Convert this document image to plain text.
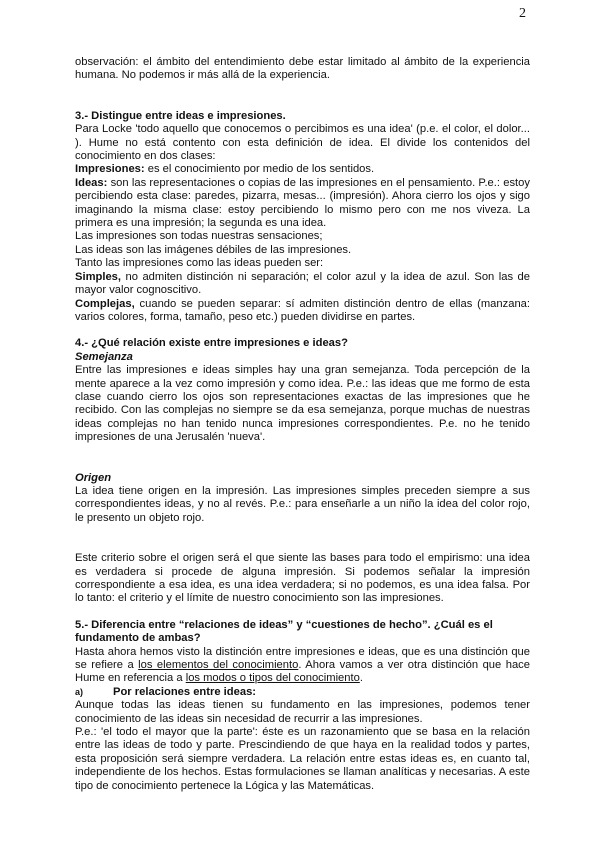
2

observación: el ámbito del entendimiento debe estar limitado al ámbito de la experiencia humana. No podemos ir más allá de la experiencia.

3.- Distingue entre ideas e impresiones.

Para Locke 'todo aquello que conocemos o percibimos es una idea' (p.e. el color, el dolor... ). Hume no está contento con esta definición de idea. El divide los contenidos del conocimiento en dos clases:

Impresiones: es el conocimiento por medio de los sentidos.

Ideas: son las representaciones o copias de las impresiones en el pensamiento. P.e.: estoy percibiendo esta clase: paredes, pizarra, mesas... (impresión). Ahora cierro los ojos y sigo imaginando la misma clase: estoy percibiendo lo mismo pero con me nos viveza. La primera es una impresión; la segunda es una idea.

Las impresiones son todas nuestras sensaciones;

Las ideas son las imágenes débiles de las impresiones.

Tanto las impresiones como las ideas pueden ser:

Simples, no admiten distinción ni separación; el color azul y la idea de azul. Son las de mayor valor cognoscitivo.

Complejas, cuando se pueden separar: sí admiten distinción dentro de ellas (manzana: varios colores, forma, tamaño, peso etc.) pueden dividirse en partes.

4.- ¿Qué relación existe entre impresiones e ideas?
Semejanza

Entre las impresiones e ideas simples hay una gran semejanza. Toda percepción de la mente aparece a la vez como impresión y como idea. P.e.: las ideas que me formo de esta clase cuando cierro los ojos son representaciones exactas de las impresiones que he recibido. Con las complejas no siempre se da esa semejanza, porque muchas de nuestras ideas complejas no han tenido nunca impresiones correspondientes. P.e. no he tenido impresiones de una Jerusalén 'nueva'.

Origen

La idea tiene origen en la impresión. Las impresiones simples preceden siempre a sus correspondientes ideas, y no al revés. P.e.: para enseñarle a un niño la idea del color rojo, le presento un objeto rojo.

Este criterio sobre el origen será el que siente las bases para todo el empirismo: una idea es verdadera si procede de alguna impresión. Si podemos señalar la impresión correspondiente a esa idea, es una idea verdadera; si no podemos, es una idea falsa. Por lo tanto: el criterio y el límite de nuestro conocimiento son las impresiones.

5.- Diferencia entre “relaciones de ideas” y “cuestiones de hecho”. ¿Cuál es el fundamento de ambas?

Hasta ahora hemos visto la distinción entre impresiones e ideas, que es una distinción que se refiere a los elementos del conocimiento. Ahora vamos a ver otra distinción que hace Hume en referencia a los modos o tipos del conocimiento.

a)	Por relaciones entre ideas:

Aunque todas las ideas tienen su fundamento en las impresiones, podemos tener conocimiento de las ideas sin necesidad de recurrir a las impresiones.

P.e.: 'el todo el mayor que la parte': éste es un razonamiento que se basa en la relación entre las ideas de todo y parte. Prescindiendo de que haya en la realidad todos y partes, esta proposición será siempre verdadera. La relación entre estas ideas es, en cuanto tal, independiente de los hechos. Estas formulaciones se llaman analíticas y necesarias. A este tipo de conocimiento pertenece la Lógica y las Matemáticas.
